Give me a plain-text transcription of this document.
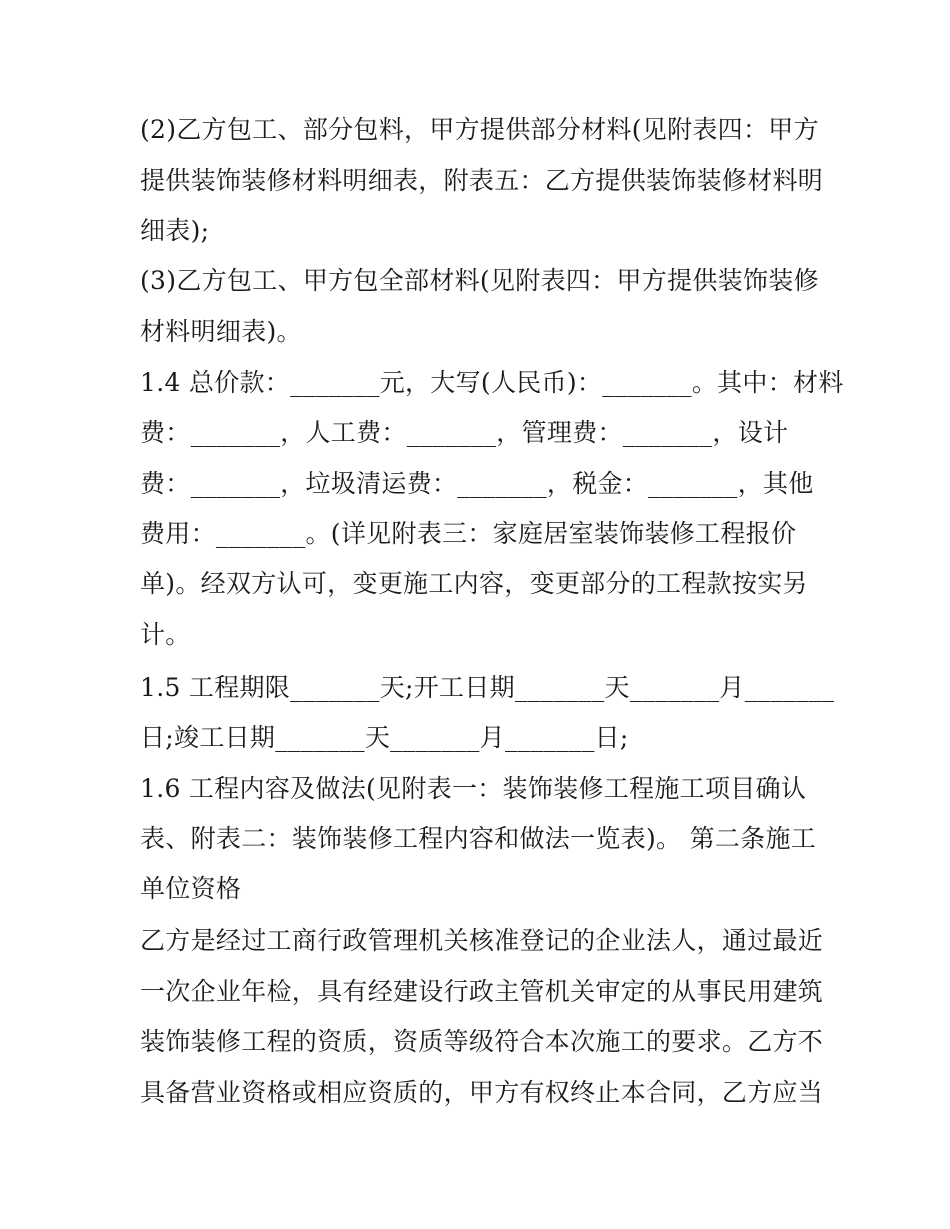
(2)乙方包工、部分包料，甲方提供部分材料(见附表四：甲方
提供装饰装修材料明细表，附表五：乙方提供装饰装修材料明
细表);
(3)乙方包工、甲方包全部材料(见附表四：甲方提供装饰装修
材料明细表)。
1.4 总价款：_______元，大写(人民币)：_______。其中：材料
费：_______，人工费：_______，管理费：_______，设计
费：_______，垃圾清运费：_______，税金：_______，其他
费用：_______。(详见附表三：家庭居室装饰装修工程报价
单)。经双方认可，变更施工内容，变更部分的工程款按实另
计。
1.5 工程期限_______天;开工日期_______天_______月_______
日;竣工日期_______天_______月_______日;
1.6 工程内容及做法(见附表一：装饰装修工程施工项目确认
表、附表二：装饰装修工程内容和做法一览表)。 第二条施工
单位资格
乙方是经过工商行政管理机关核准登记的企业法人，通过最近
一次企业年检，具有经建设行政主管机关审定的从事民用建筑
装饰装修工程的资质，资质等级符合本次施工的要求。乙方不
具备营业资格或相应资质的，甲方有权终止本合同，乙方应当
